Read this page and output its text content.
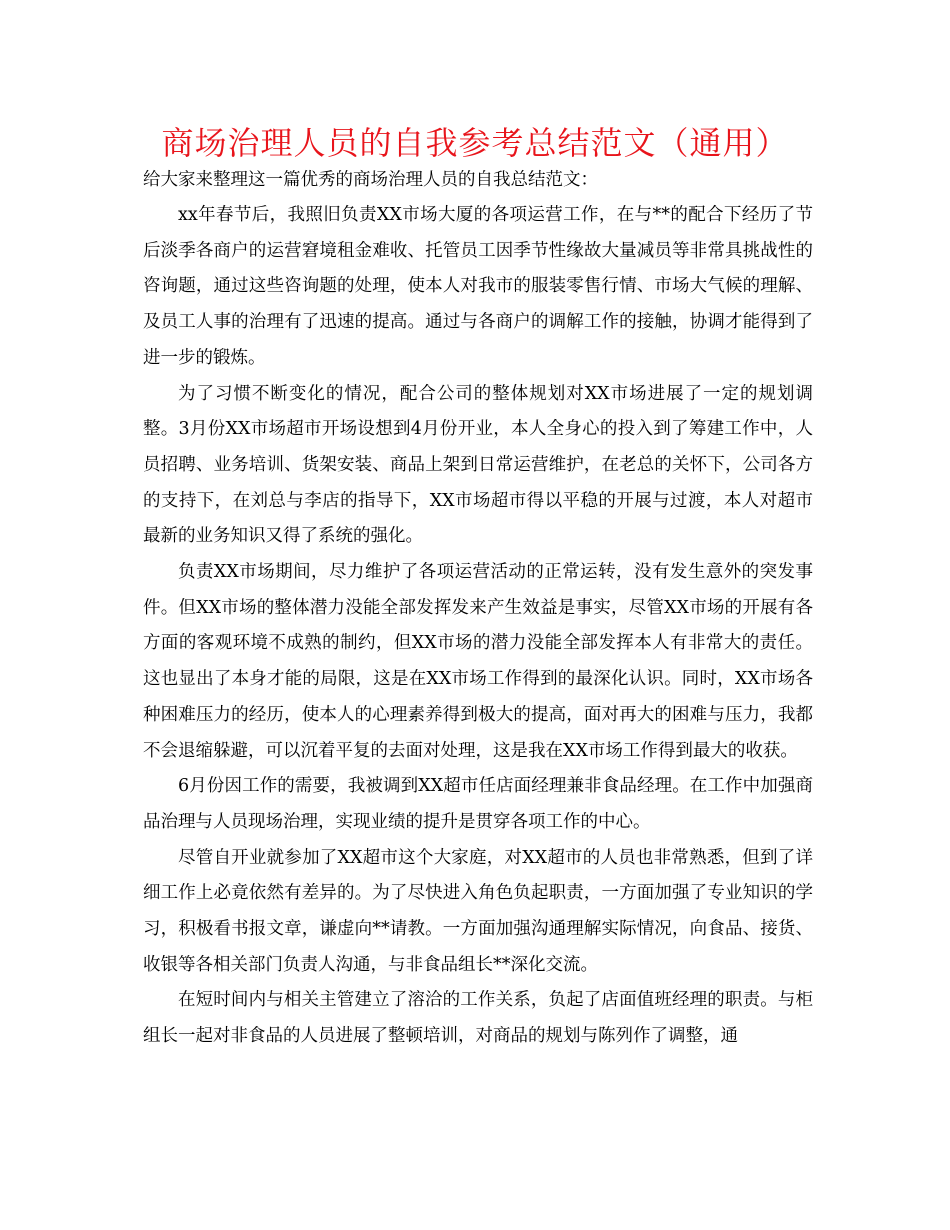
商场治理人员的自我参考总结范文（通用）

给大家来整理这一篇优秀的商场治理人员的自我总结范文：

xx年春节后，我照旧负责XX市场大厦的各项运营工作，在与**的配合下经历了节后淡季各商户的运营窘境租金难收、托管员工因季节性缘故大量减员等非常具挑战性的咨询题，通过这些咨询题的处理，使本人对我市的服装零售行情、市场大气候的理解、及员工人事的治理有了迅速的提高。通过与各商户的调解工作的接触，协调才能得到了进一步的锻炼。

为了习惯不断变化的情况，配合公司的整体规划对XX市场进展了一定的规划调整。3月份XX市场超市开场设想到4月份开业，本人全身心的投入到了筹建工作中，人员招聘、业务培训、货架安装、商品上架到日常运营维护，在老总的关怀下，公司各方的支持下，在刘总与李店的指导下，XX市场超市得以平稳的开展与过渡，本人对超市最新的业务知识又得了系统的强化。

负责XX市场期间，尽力维护了各项运营活动的正常运转，没有发生意外的突发事件。但XX市场的整体潜力没能全部发挥发来产生效益是事实，尽管XX市场的开展有各方面的客观环境不成熟的制约，但XX市场的潜力没能全部发挥本人有非常大的责任。这也显出了本身才能的局限，这是在XX市场工作得到的最深化认识。同时，XX市场各种困难压力的经历，使本人的心理素养得到极大的提高，面对再大的困难与压力，我都不会退缩躲避，可以沉着平复的去面对处理，这是我在XX市场工作得到最大的收获。

6月份因工作的需要，我被调到XX超市任店面经理兼非食品经理。在工作中加强商品治理与人员现场治理，实现业绩的提升是贯穿各项工作的中心。

尽管自开业就参加了XX超市这个大家庭，对XX超市的人员也非常熟悉，但到了详细工作上必竟依然有差异的。为了尽快进入角色负起职责，一方面加强了专业知识的学习，积极看书报文章，谦虚向**请教。一方面加强沟通理解实际情况，向食品、接货、收银等各相关部门负责人沟通，与非食品组长**深化交流。

在短时间内与相关主管建立了溶洽的工作关系，负起了店面值班经理的职责。与柜组长一起对非食品的人员进展了整顿培训，对商品的规划与陈列作了调整，通
